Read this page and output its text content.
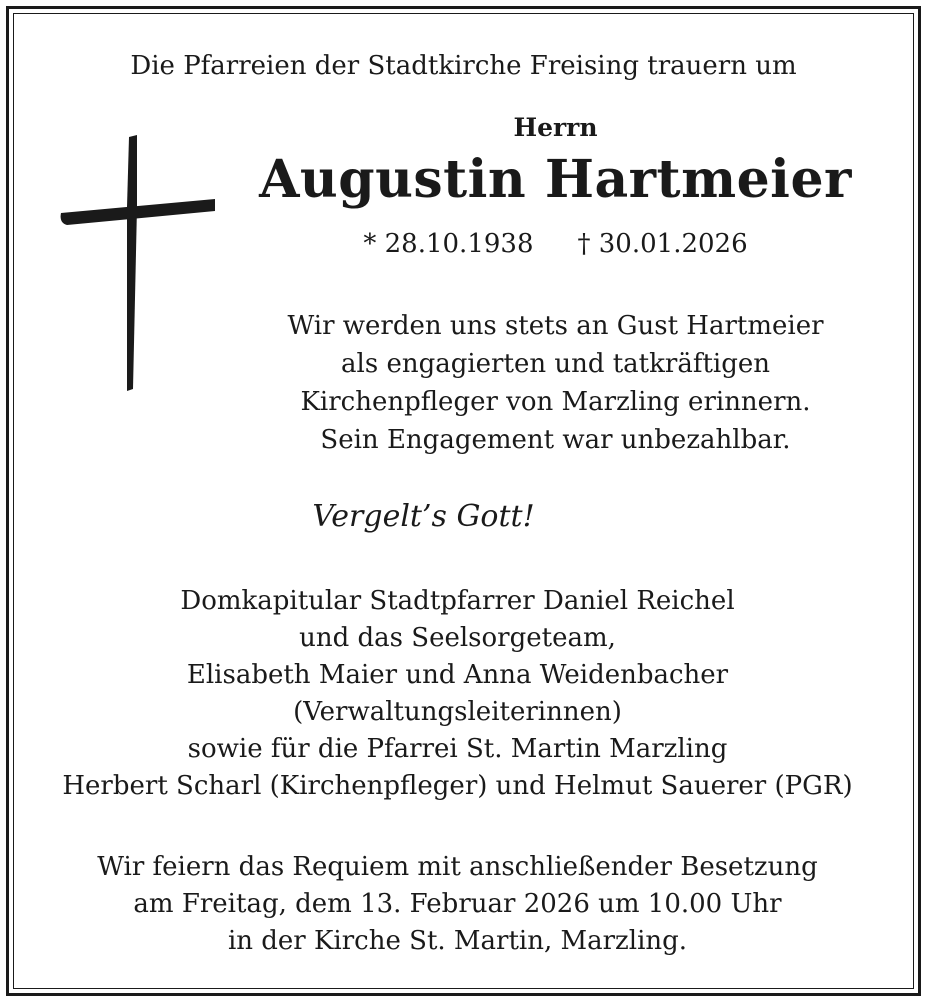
Die Pfarreien der Stadtkirche Freising trauern um
Herrn
Augustin Hartmeier
* 28.10.1938 † 30.01.2026
Wir werden uns stets an Gust Hartmeier
als engagierten und tatkräftigen
Kirchenpfleger von Marzling erinnern.
Sein Engagement war unbezahlbar.
Vergelt’s Gott!
Domkapitular Stadtpfarrer Daniel Reichel
und das Seelsorgeteam,
Elisabeth Maier und Anna Weidenbacher
(Verwaltungsleiterinnen)
sowie für die Pfarrei St. Martin Marzling
Herbert Scharl (Kirchenpfleger) und Helmut Sauerer (PGR)
Wir feiern das Requiem mit anschließender Besetzung
am Freitag, dem 13. Februar 2026 um 10.00 Uhr
in der Kirche St. Martin, Marzling.
